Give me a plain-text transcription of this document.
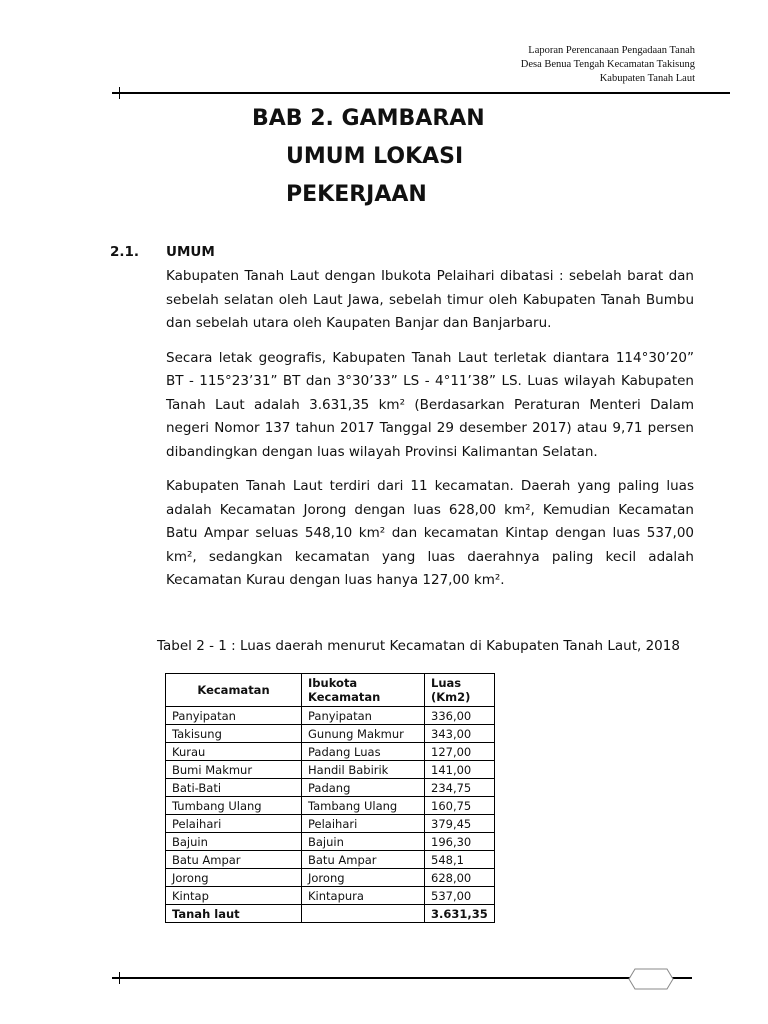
Laporan Perencanaan Pengadaan Tanah
Desa Benua Tengah Kecamatan Takisung
Kabupaten Tanah Laut
BAB 2. GAMBARAN
UMUM LOKASI
PEKERJAAN
2.1. UMUM

Kabupaten Tanah Laut dengan Ibukota Pelaihari dibatasi : sebelah barat dan sebelah selatan oleh Laut Jawa, sebelah timur oleh Kabupaten Tanah Bumbu dan sebelah utara oleh Kaupaten Banjar dan Banjarbaru.

Secara letak geografis, Kabupaten Tanah Laut terletak diantara 114°30’20” BT - 115°23’31” BT dan 3°30’33” LS - 4°11’38” LS. Luas wilayah Kabupaten Tanah Laut adalah 3.631,35 km² (Berdasarkan Peraturan Menteri Dalam negeri Nomor 137 tahun 2017 Tanggal 29 desember 2017) atau 9,71 persen dibandingkan dengan luas wilayah Provinsi Kalimantan Selatan.

Kabupaten Tanah Laut terdiri dari 11 kecamatan. Daerah yang paling luas adalah Kecamatan Jorong dengan luas 628,00 km², Kemudian Kecamatan Batu Ampar seluas 548,10 km² dan kecamatan Kintap dengan luas 537,00 km², sedangkan kecamatan yang luas daerahnya paling kecil adalah Kecamatan Kurau dengan luas hanya 127,00 km².

Tabel 2 - 1 : Luas daerah menurut Kecamatan di Kabupaten Tanah Laut, 2018
Kecamatan	Ibukota Kecamatan	Luas (Km2)
Panyipatan	Panyipatan	336,00
Takisung	Gunung Makmur	343,00
Kurau	Padang Luas	127,00
Bumi Makmur	Handil Babirik	141,00
Bati-Bati	Padang	234,75
Tumbang Ulang	Tambang Ulang	160,75
Pelaihari	Pelaihari	379,45
Bajuin	Bajuin	196,30
Batu Ampar	Batu Ampar	548,1
Jorong	Jorong	628,00
Kintap	Kintapura	537,00
Tanah laut		3.631,35
